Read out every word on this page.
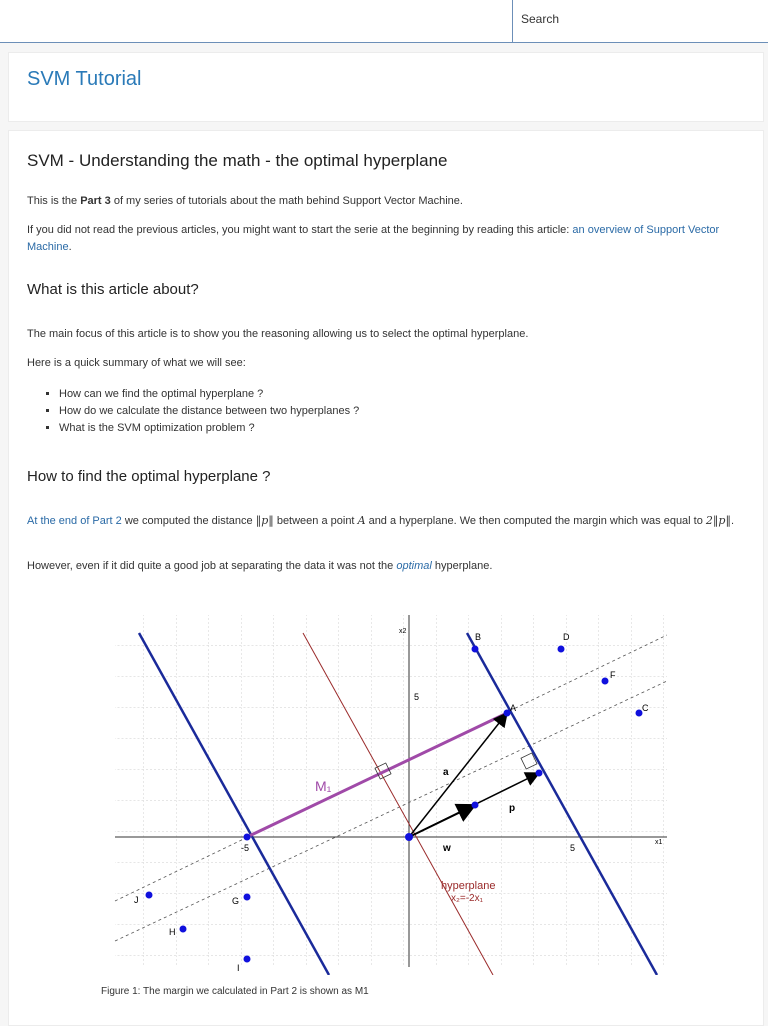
Search
SVM Tutorial
SVM - Understanding the math - the optimal hyperplane

This is the Part 3 of my series of tutorials about the math behind Support Vector Machine.

If you did not read the previous articles, you might want to start the serie at the beginning by reading this article: an overview of Support Vector Machine.

What is this article about?

The main focus of this article is to show you the reasoning allowing us to select the optimal hyperplane.

Here is a quick summary of what we will see:

▪ How can we find the optimal hyperplane ?
▪ How do we calculate the distance between two hyperplanes ?
▪ What is the SVM optimization problem ?
How to find the optimal hyperplane ?

At the end of Part 2 we computed the distance ‖p‖ between a point A and a hyperplane. We then computed the margin which was equal to 2‖p‖.

However, even if it did quite a good job at separating the data it was not the optimal hyperplane.

x2
x1
5
-5	5
M₁
hyperplane
x₂=-2x₁
a
p
w
A
B
C
D
F
G
H
I
J
Figure 1: The margin we calculated in Part 2 is shown as M1
